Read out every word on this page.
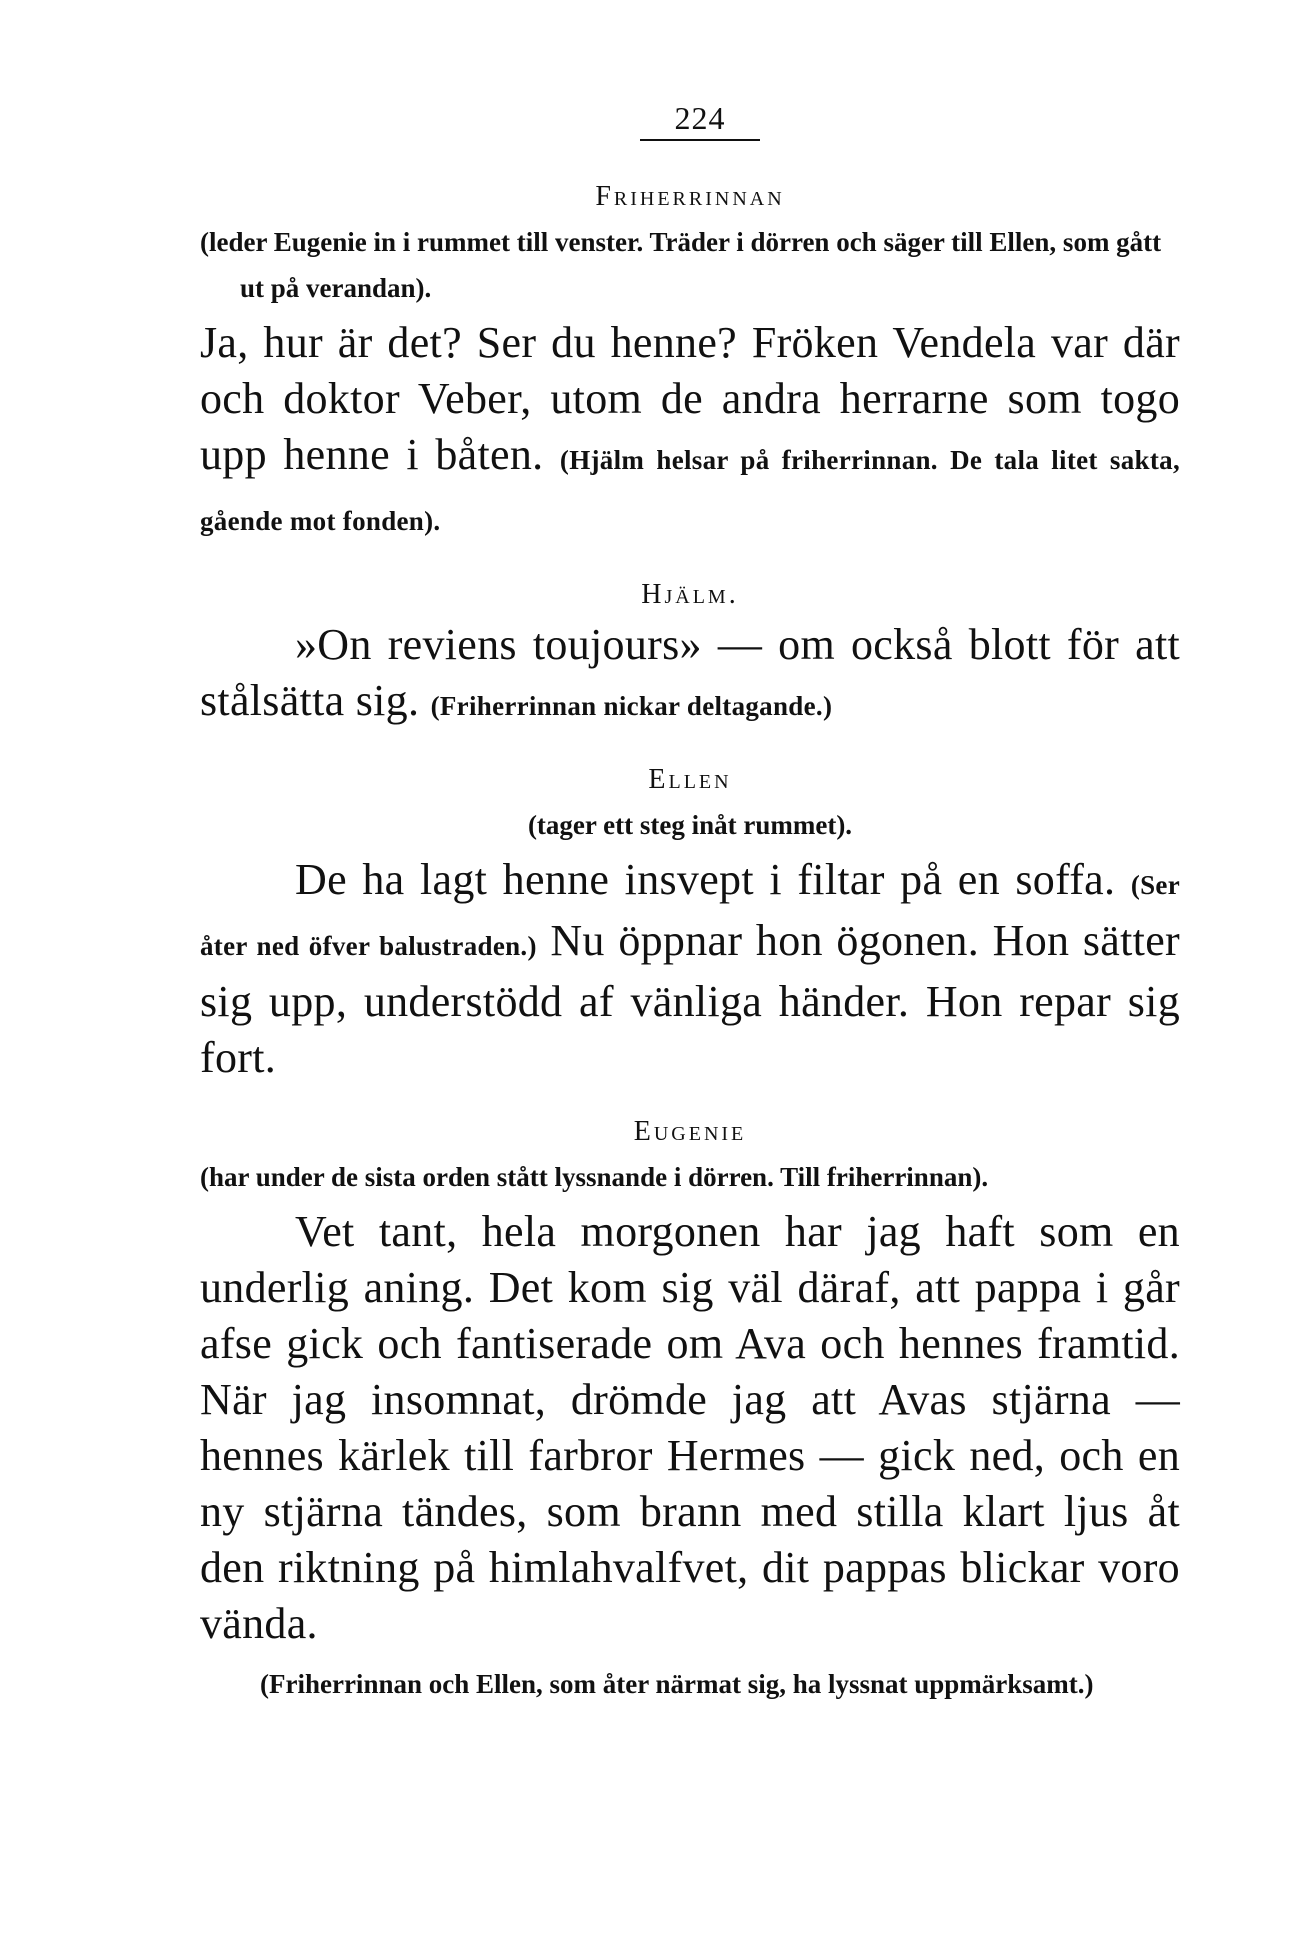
224
Friherrinnan

(leder Eugenie in i rummet till venster. Träder i dörren och säger till Ellen, som gått ut på verandan).

Ja, hur är det? Ser du henne? Fröken Vendela var där och doktor Veber, utom de andra herrarne som togo upp henne i båten. (Hjälm helsar på friherrinnan. De tala litet sakta, gående mot fonden).

Hjälm.

»On reviens toujours» — om också blott för att stålsätta sig. (Friherrinnan nickar deltagande.)

Ellen

(tager ett steg inåt rummet).

De ha lagt henne insvept i filtar på en soffa. (Ser åter ned öfver balustraden.) Nu öppnar hon ögonen. Hon sätter sig upp, understödd af vänliga händer. Hon repar sig fort.

Eugenie

(har under de sista orden stått lyssnande i dörren. Till friherrinnan).

Vet tant, hela morgonen har jag haft som en underlig aning. Det kom sig väl däraf, att pappa i går afse gick och fantiserade om Ava och hennes framtid. När jag insomnat, drömde jag att Avas stjärna — hennes kärlek till farbror Hermes — gick ned, och en ny stjärna tändes, som brann med stilla klart ljus åt den riktning på himlahvalfvet, dit pappas blickar voro vända.

(Friherrinnan och Ellen, som åter närmat sig, ha lyssnat uppmärksamt.)
